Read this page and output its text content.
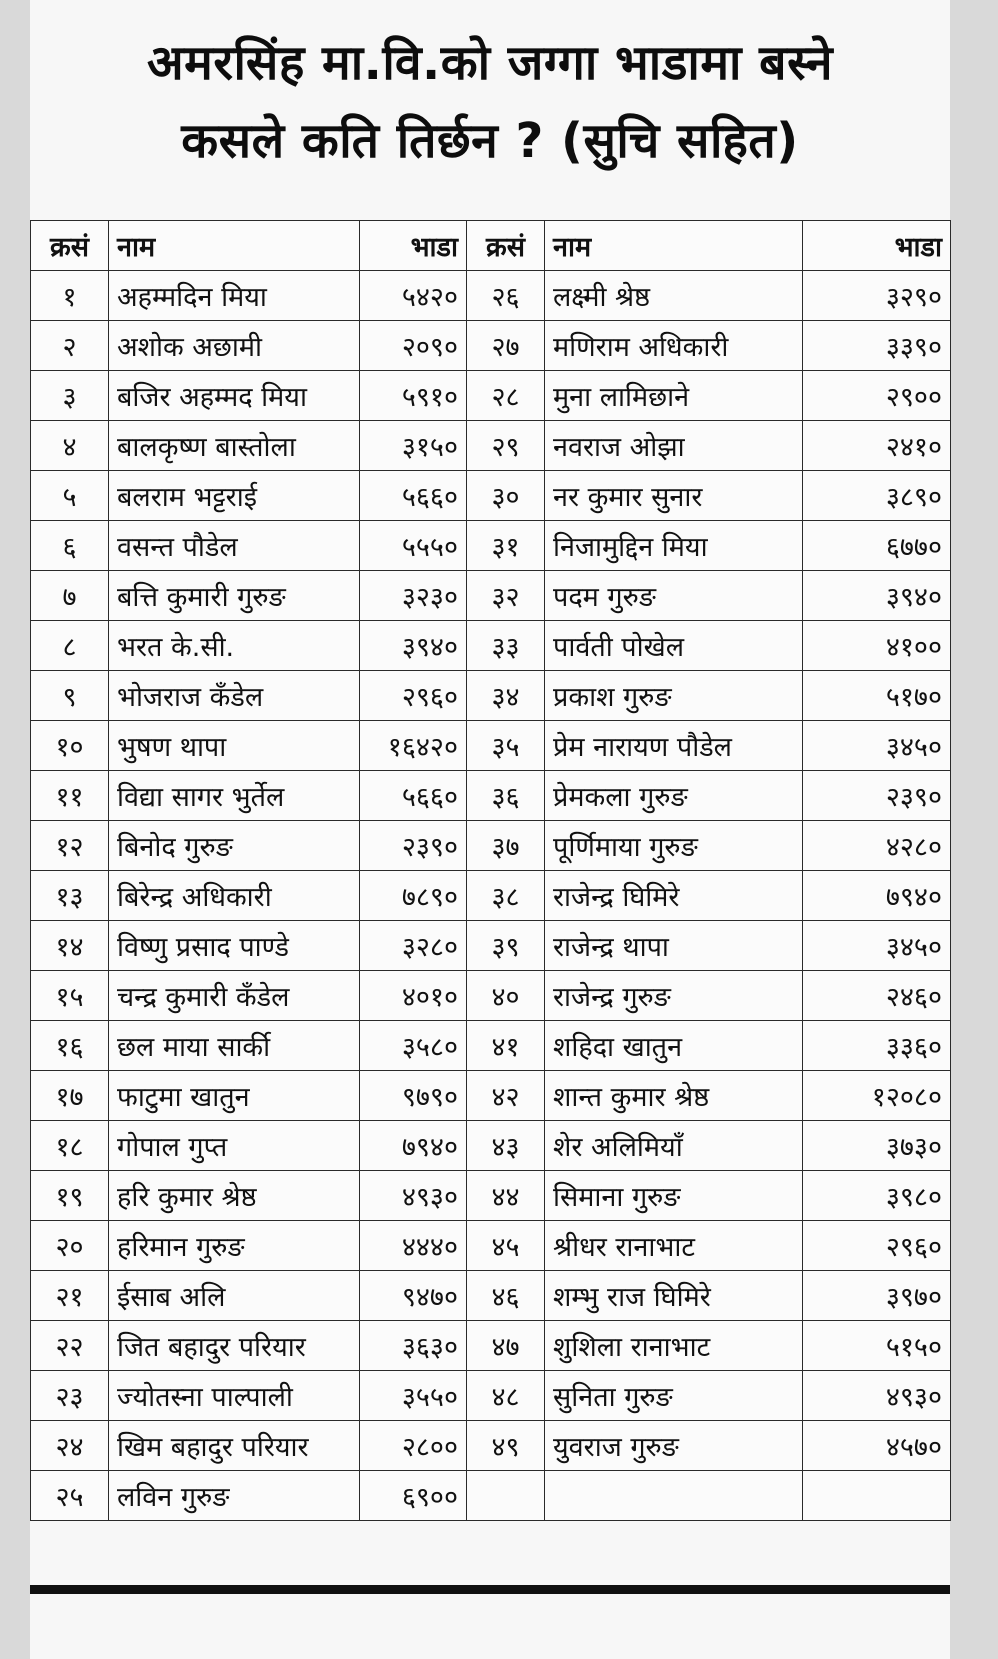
अमरसिंह मा.वि.को जग्गा भाडामा बस्ने
कसले कति तिर्छन ? (सुचि सहित)
क्रसं	नाम	भाडा	क्रसं	नाम	भाडा
१	अहम्मदिन मिया	५४२०	२६	लक्ष्मी श्रेष्ठ	३२९०
२	अशोक अछामी	२०९०	२७	मणिराम अधिकारी	३३९०
३	बजिर अहम्मद मिया	५९१०	२८	मुना लामिछाने	२९००
४	बालकृष्ण बास्तोला	३१५०	२९	नवराज ओझा	२४१०
५	बलराम भट्टराई	५६६०	३०	नर कुमार सुनार	३८९०
६	वसन्त पौडेल	५५५०	३१	निजामुद्दिन मिया	६७७०
७	बत्ति कुमारी गुरुङ	३२३०	३२	पदम गुरुङ	३९४०
८	भरत के.सी.	३९४०	३३	पार्वती पोखेल	४१००
९	भोजराज कँडेल	२९६०	३४	प्रकाश गुरुङ	५१७०
१०	भुषण थापा	१६४२०	३५	प्रेम नारायण पौडेल	३४५०
११	विद्या सागर भुर्तेल	५६६०	३६	प्रेमकला गुरुङ	२३९०
१२	बिनोद गुरुङ	२३९०	३७	पूर्णिमाया गुरुङ	४२८०
१३	बिरेन्द्र अधिकारी	७८९०	३८	राजेन्द्र घिमिरे	७९४०
१४	विष्णु प्रसाद पाण्डे	३२८०	३९	राजेन्द्र थापा	३४५०
१५	चन्द्र कुमारी कँडेल	४०१०	४०	राजेन्द्र गुरुङ	२४६०
१६	छल माया सार्की	३५८०	४१	शहिदा खातुन	३३६०
१७	फाटुमा खातुन	९७९०	४२	शान्त कुमार श्रेष्ठ	१२०८०
१८	गोपाल गुप्त	७९४०	४३	शेर अलिमियाँ	३७३०
१९	हरि कुमार श्रेष्ठ	४९३०	४४	सिमाना गुरुङ	३९८०
२०	हरिमान गुरुङ	४४४०	४५	श्रीधर रानाभाट	२९६०
२१	ईसाब अलि	९४७०	४६	शम्भु राज घिमिरे	३९७०
२२	जित बहादुर परियार	३६३०	४७	शुशिला रानाभाट	५१५०
२३	ज्योतस्ना पाल्पाली	३५५०	४८	सुनिता गुरुङ	४९३०
२४	खिम बहादुर परियार	२८००	४९	युवराज गुरुङ	४५७०
२५	लविन गुरुङ	६९००			
